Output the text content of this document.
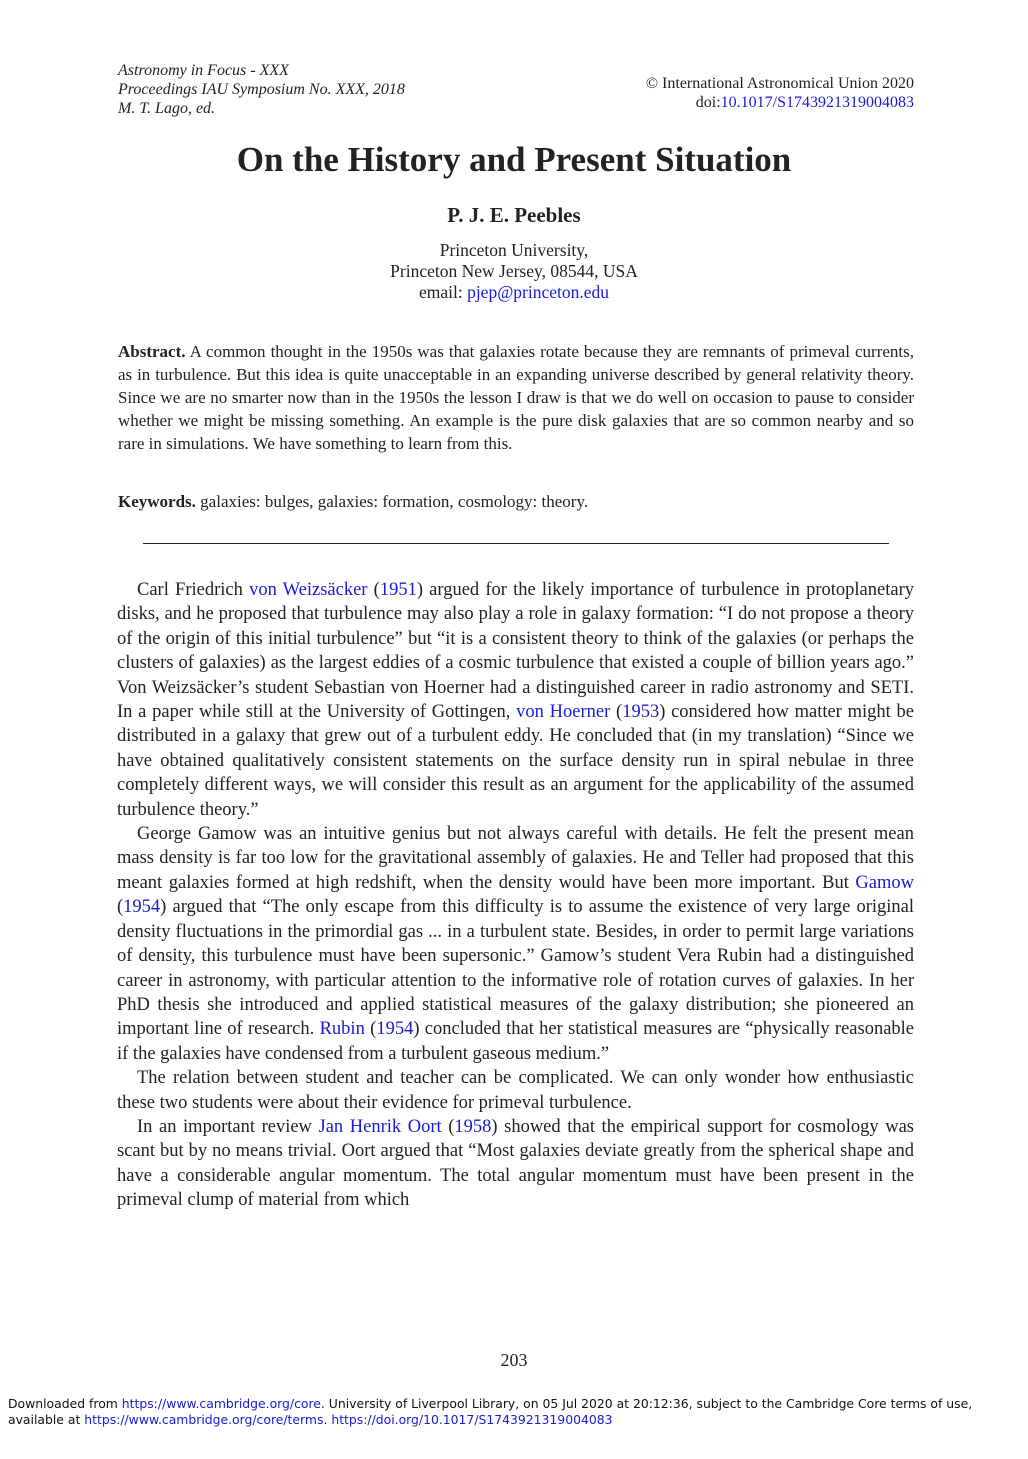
Astronomy in Focus - XXX
Proceedings IAU Symposium No. XXX, 2018
M. T. Lago, ed.
© International Astronomical Union 2020
doi:10.1017/S1743921319004083
On the History and Present Situation
P. J. E. Peebles
Princeton University,
Princeton New Jersey, 08544, USA
email: pjep@princeton.edu
Abstract. A common thought in the 1950s was that galaxies rotate because they are remnants of primeval currents, as in turbulence. But this idea is quite unacceptable in an expanding universe described by general relativity theory. Since we are no smarter now than in the 1950s the lesson I draw is that we do well on occasion to pause to consider whether we might be missing something. An example is the pure disk galaxies that are so common nearby and so rare in simulations. We have something to learn from this.
Keywords. galaxies: bulges, galaxies: formation, cosmology: theory.

Carl Friedrich von Weizsäcker (1951) argued for the likely importance of turbulence in protoplanetary disks, and he proposed that turbulence may also play a role in galaxy formation: “I do not propose a theory of the origin of this initial turbulence” but “it is a consistent theory to think of the galaxies (or perhaps the clusters of galaxies) as the largest eddies of a cosmic turbulence that existed a couple of billion years ago.” Von Weizsäcker’s student Sebastian von Hoerner had a distinguished career in radio astronomy and SETI. In a paper while still at the University of Gottingen, von Hoerner (1953) considered how matter might be distributed in a galaxy that grew out of a turbulent eddy. He concluded that (in my translation) “Since we have obtained qualitatively consistent statements on the surface density run in spiral nebulae in three completely different ways, we will consider this result as an argument for the applicability of the assumed turbulence theory.”

George Gamow was an intuitive genius but not always careful with details. He felt the present mean mass density is far too low for the gravitational assembly of galaxies. He and Teller had proposed that this meant galaxies formed at high redshift, when the density would have been more important. But Gamow (1954) argued that “The only escape from this difficulty is to assume the existence of very large original density fluctuations in the primordial gas ... in a turbulent state. Besides, in order to permit large variations of density, this turbulence must have been supersonic.” Gamow’s student Vera Rubin had a distinguished career in astronomy, with particular attention to the informative role of rotation curves of galaxies. In her PhD thesis she introduced and applied statistical measures of the galaxy distribution; she pioneered an important line of research. Rubin (1954) concluded that her statistical measures are “physically reasonable if the galaxies have condensed from a turbulent gaseous medium.”

The relation between student and teacher can be complicated. We can only wonder how enthusiastic these two students were about their evidence for primeval turbulence.

In an important review Jan Henrik Oort (1958) showed that the empirical support for cosmology was scant but by no means trivial. Oort argued that “Most galaxies deviate greatly from the spherical shape and have a considerable angular momentum. The total angular momentum must have been present in the primeval clump of material from which

203
Downloaded from https://www.cambridge.org/core. University of Liverpool Library, on 05 Jul 2020 at 20:12:36, subject to the Cambridge Core terms of use, available at https://www.cambridge.org/core/terms. https://doi.org/10.1017/S1743921319004083
